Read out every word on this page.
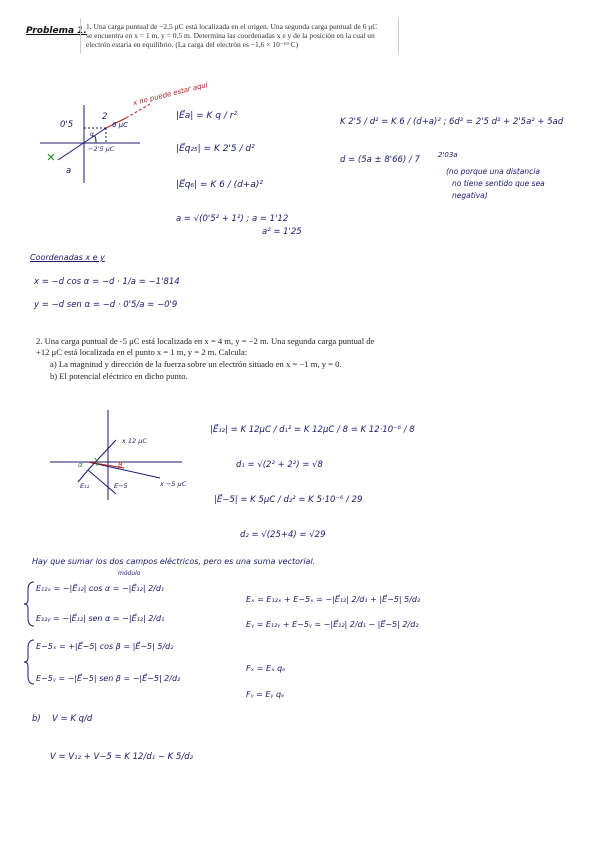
Problema 1. 1. Una carga puntual de −2,5 μC está localizada en el origen. Una segunda carga puntual de 6 μC
se encuentra en x = 1 m, y = 0,5 m. Determina las coordenadas x e y de la posición en la cual un
electrón estaría en equilibrio. (La carga del electrón es −1,6 × 10⁻¹⁹ C)
0'5
2
6 μC
−2'5 μC
α
a
x no puede estar aquí
|E⃗a| = K q / r²
|E⃗q₂₅| = K 2'5 / d²
|E⃗q₆| = K 6 / (d+a)²
a = √(0'5² + 1²) ; a = 1'12
a² = 1'25
K 2'5 / d² = K 6 / (d+a)² ; 6d² = 2'5 d² + 2'5a² + 5ad
d = (5a ± 8'66) / 7	2'03a
(no porque una distancia
no tiene sentido que sea
negativa)
Coordenadas x e y
x = −d cos α = −d · 1/a = −1'814
y = −d sen α = −d · 0'5/a = −0'9
2. Una carga puntual de -5 μC está localizada en x = 4 m, y = −2 m. Una segunda carga puntual de
+12 μC está localizada en el punto x = 1 m, y = 2 m. Calcula:
a) La magnitud y dirección de la fuerza sobre un electrón situado en x = −1 m, y = 0.
b) El potencial eléctrico en dicho punto.
x 12 μC
x −5 μC
E₁₂	E−5
α	β
|E⃗₁₂| = K 12μC / d₁² = K 12μC / 8 = K 12·10⁻⁶ / 8
d₁ = √(2² + 2²) = √8
|E⃗−5| = K 5μC / d₂² = K 5·10⁻⁶ / 29
d₂ = √(25+4) = √29
Hay que sumar los dos campos eléctricos, pero es una suma vectorial.
módulo
E₁₂ₓ = −|E⃗₁₂| cos α = −|E⃗₁₂| 2/d₁
E₁₂ᵧ = −|E⃗₁₂| sen α = −|E⃗₁₂| 2/d₁
E−5ₓ = +|E⃗−5| cos β = |E⃗−5| 5/d₂
E−5ᵧ = −|E⃗−5| sen β = −|E⃗−5| 2/d₂
Eₓ = E₁₂ₓ + E−5ₓ = −|E⃗₁₂| 2/d₁ + |E⃗−5| 5/d₂
Eᵧ = E₁₂ᵧ + E−5ᵧ = −|E⃗₁₂| 2/d₁ − |E⃗−5| 2/d₂
Fₓ = Eₓ qₑ
Fᵧ = Eᵧ qₑ
b) V = K q/d
V = V₁₂ + V−5 = K 12/d₁ − K 5/d₂
